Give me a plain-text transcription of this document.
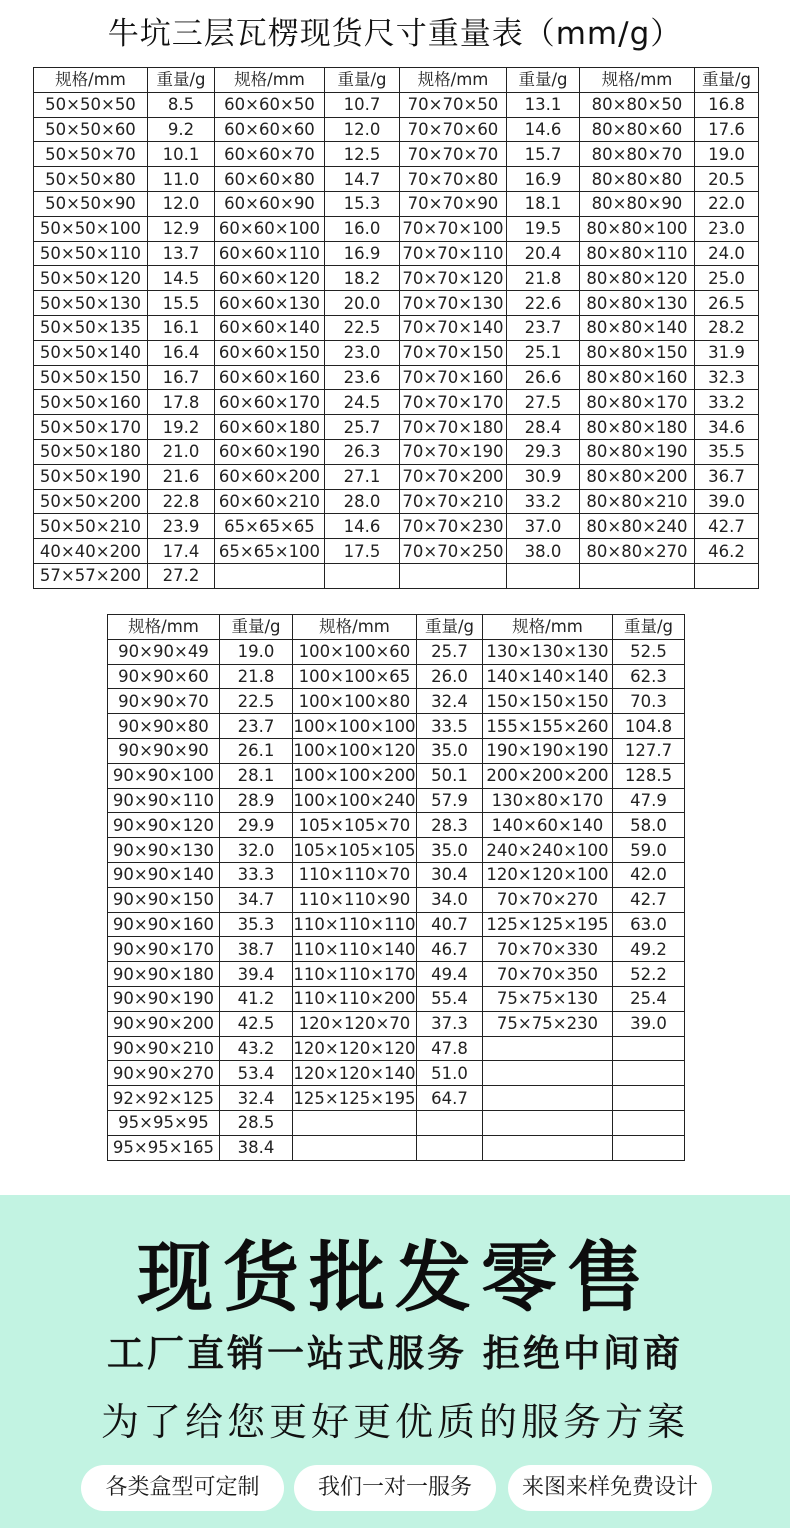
牛坑三层瓦楞现货尺寸重量表（mm/g）
规格/mm	重量/g	规格/mm	重量/g	规格/mm	重量/g	规格/mm	重量/g
50×50×50	8.5	60×60×50	10.7	70×70×50	13.1	80×80×50	16.8
50×50×60	9.2	60×60×60	12.0	70×70×60	14.6	80×80×60	17.6
50×50×70	10.1	60×60×70	12.5	70×70×70	15.7	80×80×70	19.0
50×50×80	11.0	60×60×80	14.7	70×70×80	16.9	80×80×80	20.5
50×50×90	12.0	60×60×90	15.3	70×70×90	18.1	80×80×90	22.0
50×50×100	12.9	60×60×100	16.0	70×70×100	19.5	80×80×100	23.0
50×50×110	13.7	60×60×110	16.9	70×70×110	20.4	80×80×110	24.0
50×50×120	14.5	60×60×120	18.2	70×70×120	21.8	80×80×120	25.0
50×50×130	15.5	60×60×130	20.0	70×70×130	22.6	80×80×130	26.5
50×50×135	16.1	60×60×140	22.5	70×70×140	23.7	80×80×140	28.2
50×50×140	16.4	60×60×150	23.0	70×70×150	25.1	80×80×150	31.9
50×50×150	16.7	60×60×160	23.6	70×70×160	26.6	80×80×160	32.3
50×50×160	17.8	60×60×170	24.5	70×70×170	27.5	80×80×170	33.2
50×50×170	19.2	60×60×180	25.7	70×70×180	28.4	80×80×180	34.6
50×50×180	21.0	60×60×190	26.3	70×70×190	29.3	80×80×190	35.5
50×50×190	21.6	60×60×200	27.1	70×70×200	30.9	80×80×200	36.7
50×50×200	22.8	60×60×210	28.0	70×70×210	33.2	80×80×210	39.0
50×50×210	23.9	65×65×65	14.6	70×70×230	37.0	80×80×240	42.7
40×40×200	17.4	65×65×100	17.5	70×70×250	38.0	80×80×270	46.2
57×57×200	27.2						
规格/mm	重量/g	规格/mm	重量/g	规格/mm	重量/g
90×90×49	19.0	100×100×60	25.7	130×130×130	52.5
90×90×60	21.8	100×100×65	26.0	140×140×140	62.3
90×90×70	22.5	100×100×80	32.4	150×150×150	70.3
90×90×80	23.7	100×100×100	33.5	155×155×260	104.8
90×90×90	26.1	100×100×120	35.0	190×190×190	127.7
90×90×100	28.1	100×100×200	50.1	200×200×200	128.5
90×90×110	28.9	100×100×240	57.9	130×80×170	47.9
90×90×120	29.9	105×105×70	28.3	140×60×140	58.0
90×90×130	32.0	105×105×105	35.0	240×240×100	59.0
90×90×140	33.3	110×110×70	30.4	120×120×100	42.0
90×90×150	34.7	110×110×90	34.0	70×70×270	42.7
90×90×160	35.3	110×110×110	40.7	125×125×195	63.0
90×90×170	38.7	110×110×140	46.7	70×70×330	49.2
90×90×180	39.4	110×110×170	49.4	70×70×350	52.2
90×90×190	41.2	110×110×200	55.4	75×75×130	25.4
90×90×200	42.5	120×120×70	37.3	75×75×230	39.0
90×90×210	43.2	120×120×120	47.8		
90×90×270	53.4	120×120×140	51.0		
92×92×125	32.4	125×125×195	64.7		
95×95×95	28.5				
95×95×165	38.4				
现货批发零售
工厂直销一站式服务 拒绝中间商
为了给您更好更优质的服务方案
各类盒型可定制	我们一对一服务	来图来样免费设计
